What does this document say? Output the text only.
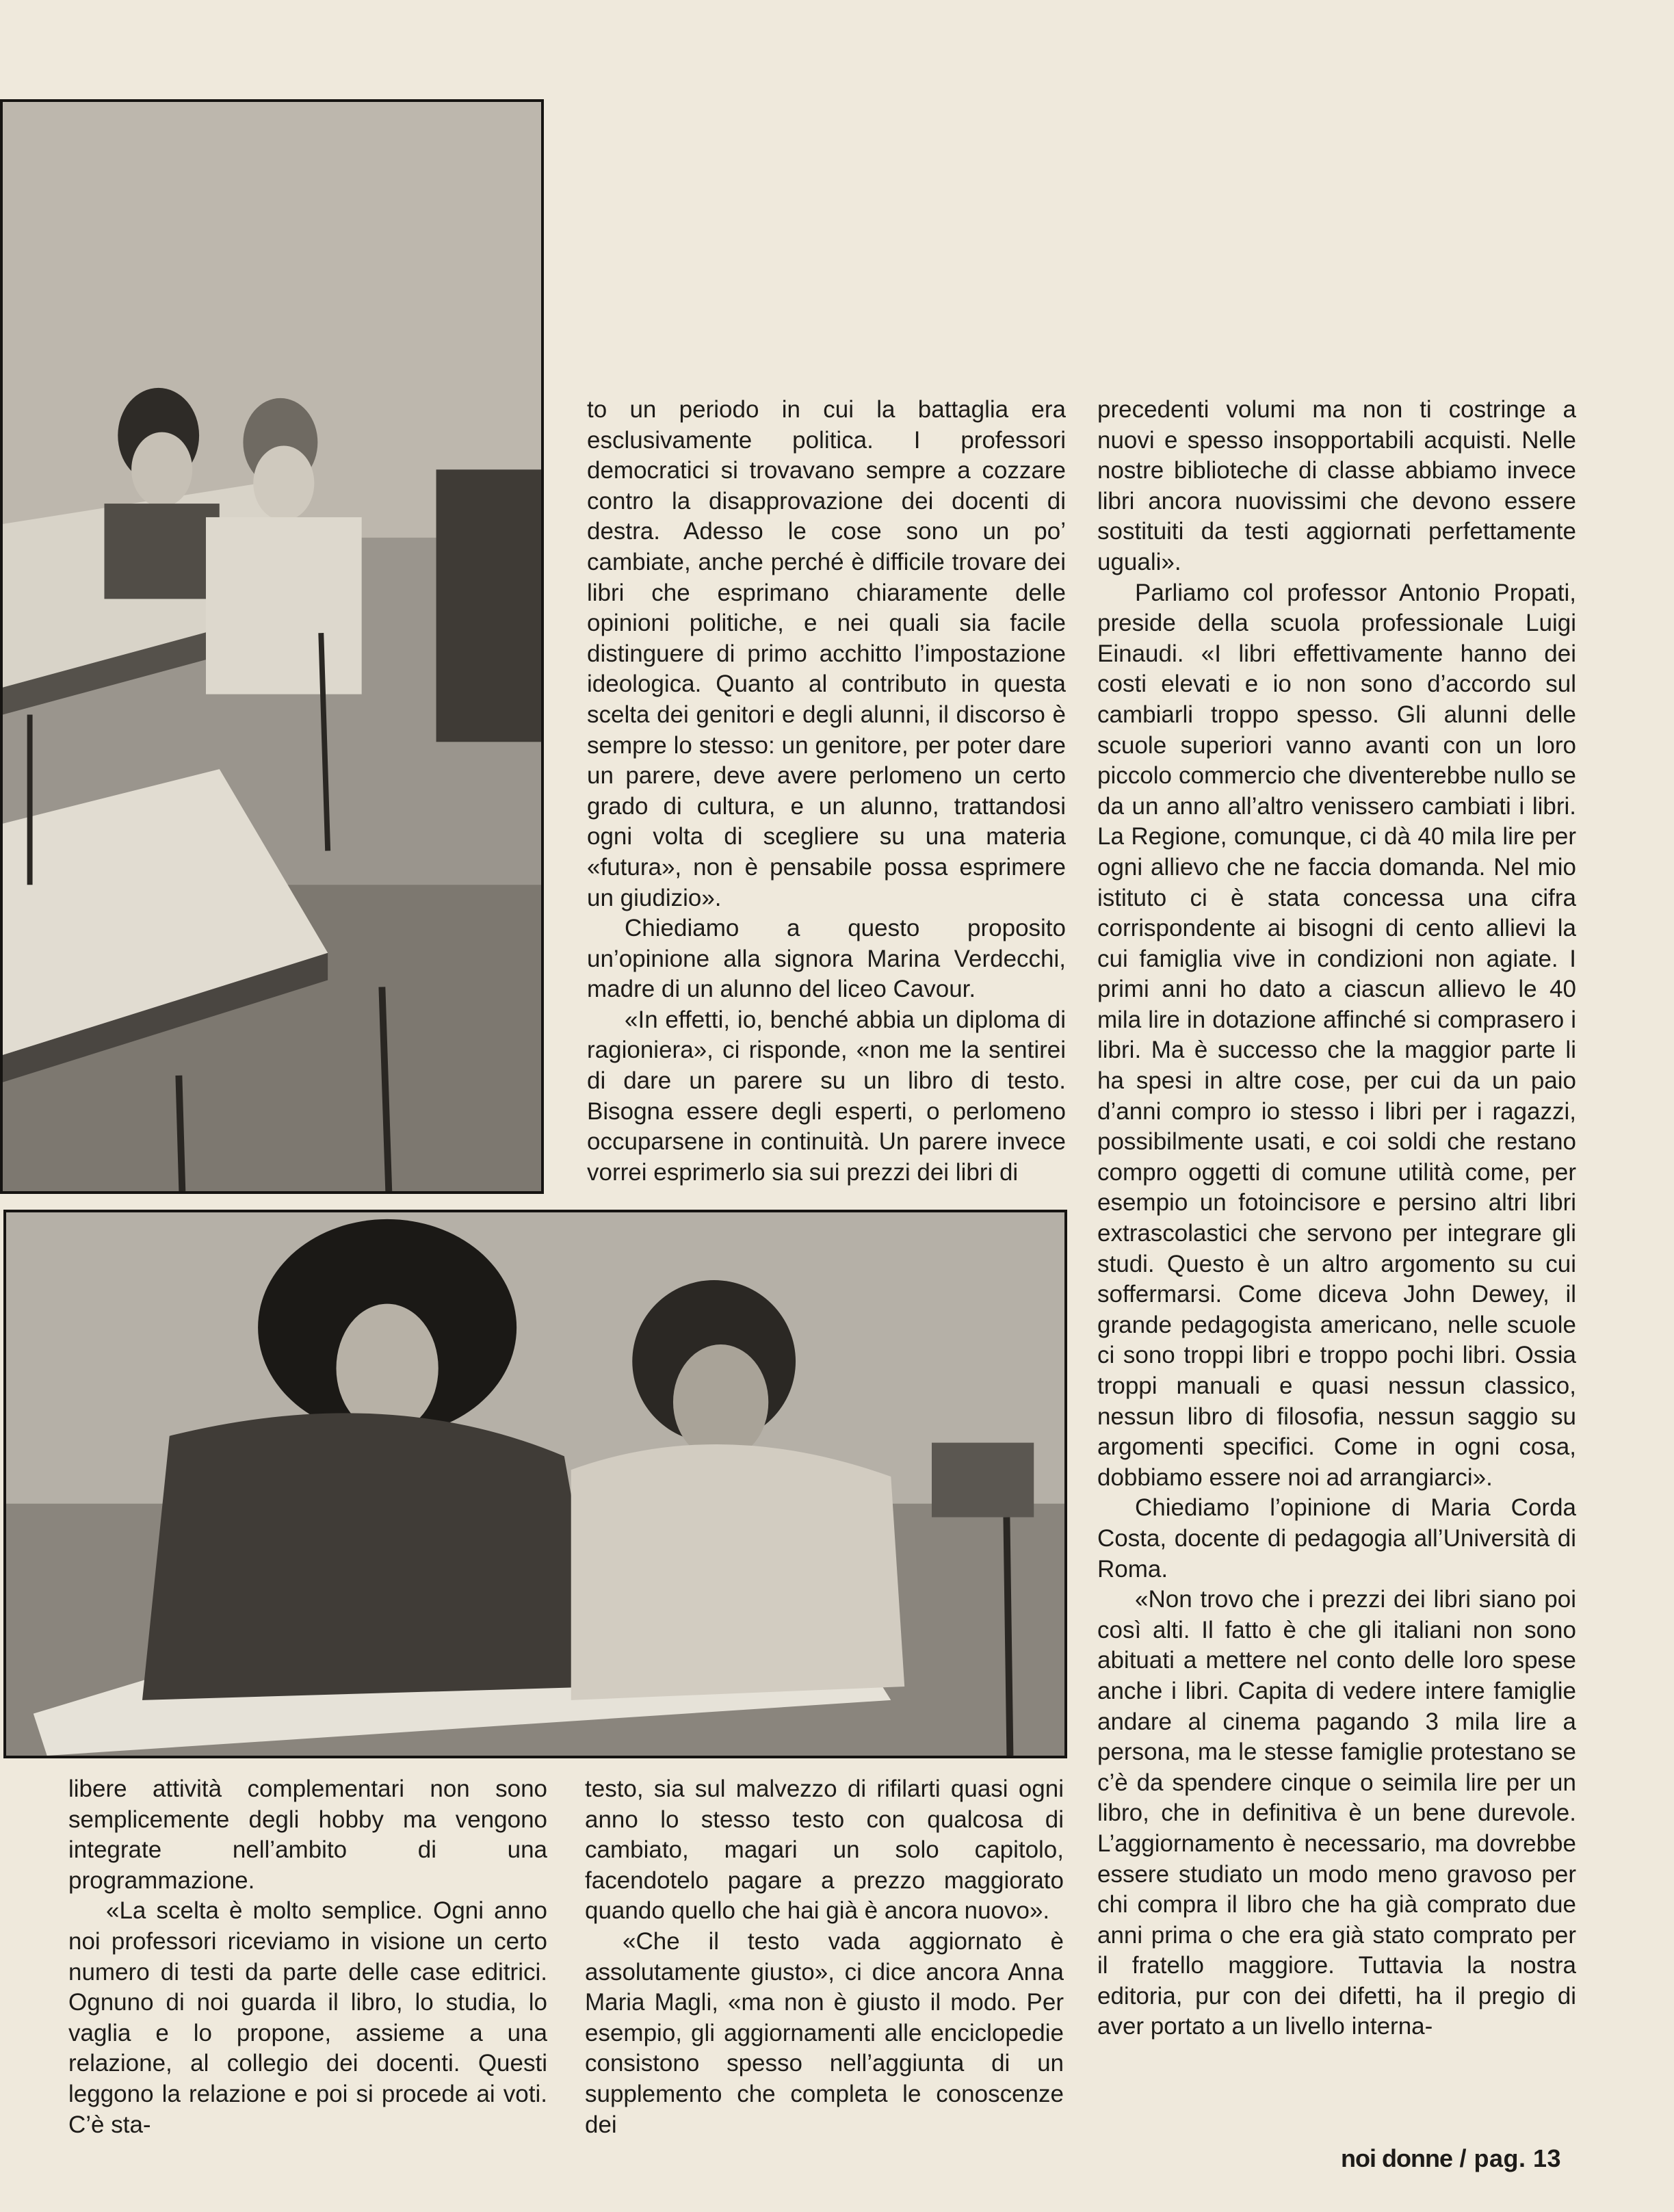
to un periodo in cui la battaglia era esclusivamente politica. I professori democratici si trovavano sempre a cozzare contro la disapprovazione dei docenti di destra. Adesso le cose sono un po’ cambiate, anche perché è difficile trovare dei libri che esprimano chiaramente delle opinioni politiche, e nei quali sia facile distinguere di primo acchitto l’impostazione ideologica. Quanto al contributo in questa scelta dei genitori e degli alunni, il discorso è sempre lo stesso: un genitore, per poter dare un parere, deve avere perlomeno un certo grado di cultura, e un alunno, trattandosi ogni volta di scegliere su una materia «futura», non è pensabile possa esprimere un giudizio».

Chiediamo a questo proposito un’opinione alla signora Marina Verdecchi, madre di un alunno del liceo Cavour.

«In effetti, io, benché abbia un diploma di ragioniera», ci risponde, «non me la sentirei di dare un parere su un libro di testo. Bisogna essere degli esperti, o perlomeno occuparsene in continuità. Un parere invece vorrei esprimerlo sia sui prezzi dei libri di

precedenti volumi ma non ti costringe a nuovi e spesso insopportabili acquisti. Nelle nostre biblioteche di classe abbiamo invece libri ancora nuovissimi che devono essere sostituiti da testi aggiornati perfettamente uguali».

Parliamo col professor Antonio Propati, preside della scuola professionale Luigi Einaudi. «I libri effettivamente hanno dei costi elevati e io non sono d’accordo sul cambiarli troppo spesso. Gli alunni delle scuole superiori vanno avanti con un loro piccolo commercio che diventerebbe nullo se da un anno all’altro venissero cambiati i libri. La Regione, comunque, ci dà 40 mila lire per ogni allievo che ne faccia domanda. Nel mio istituto ci è stata concessa una cifra corrispondente ai bisogni di cento allievi la cui famiglia vive in condizioni non agiate. I primi anni ho dato a ciascun allievo le 40 mila lire in dotazione affinché si comprasero i libri. Ma è successo che la maggior parte li ha spesi in altre cose, per cui da un paio d’anni compro io stesso i libri per i ragazzi, possibilmente usati, e coi soldi che restano compro oggetti di comune utilità come, per esempio un fotoincisore e persino altri libri extrascolastici che servono per integrare gli studi. Questo è un altro argomento su cui soffermarsi. Come diceva John Dewey, il grande pedagogista americano, nelle scuole ci sono troppi libri e troppo pochi libri. Ossia troppi manuali e quasi nessun classico, nessun libro di filosofia, nessun saggio su argomenti specifici. Come in ogni cosa, dobbiamo essere noi ad arrangiarci».

Chiediamo l’opinione di Maria Corda Costa, docente di pedagogia all’Università di Roma.

«Non trovo che i prezzi dei libri siano poi così alti. Il fatto è che gli italiani non sono abituati a mettere nel conto delle loro spese anche i libri. Capita di vedere intere famiglie andare al cinema pagando 3 mila lire a persona, ma le stesse famiglie protestano se c’è da spendere cinque o seimila lire per un libro, che in definitiva è un bene durevole. L’aggiornamento è necessario, ma dovrebbe essere studiato un modo meno gravoso per chi compra il libro che ha già comprato due anni prima o che era già stato comprato per il fratello maggiore. Tuttavia la nostra editoria, pur con dei difetti, ha il pregio di aver portato a un livello interna-

libere attività complementari non sono semplicemente degli hobby ma vengono integrate nell’ambito di una programmazione.

«La scelta è molto semplice. Ogni anno noi professori riceviamo in visione un certo numero di testi da parte delle case editrici. Ognuno di noi guarda il libro, lo studia, lo vaglia e lo propone, assieme a una relazione, al collegio dei docenti. Questi leggono la relazione e poi si procede ai voti. C’è sta-

testo, sia sul malvezzo di rifilarti quasi ogni anno lo stesso testo con qualcosa di cambiato, magari un solo capitolo, facendotelo pagare a prezzo maggiorato quando quello che hai già è ancora nuovo».

«Che il testo vada aggiornato è assolutamente giusto», ci dice ancora Anna Maria Magli, «ma non è giusto il modo. Per esempio, gli aggiornamenti alle enciclopedie consistono spesso nell’aggiunta di un supplemento che completa le conoscenze dei

noi donne / pag. 13
